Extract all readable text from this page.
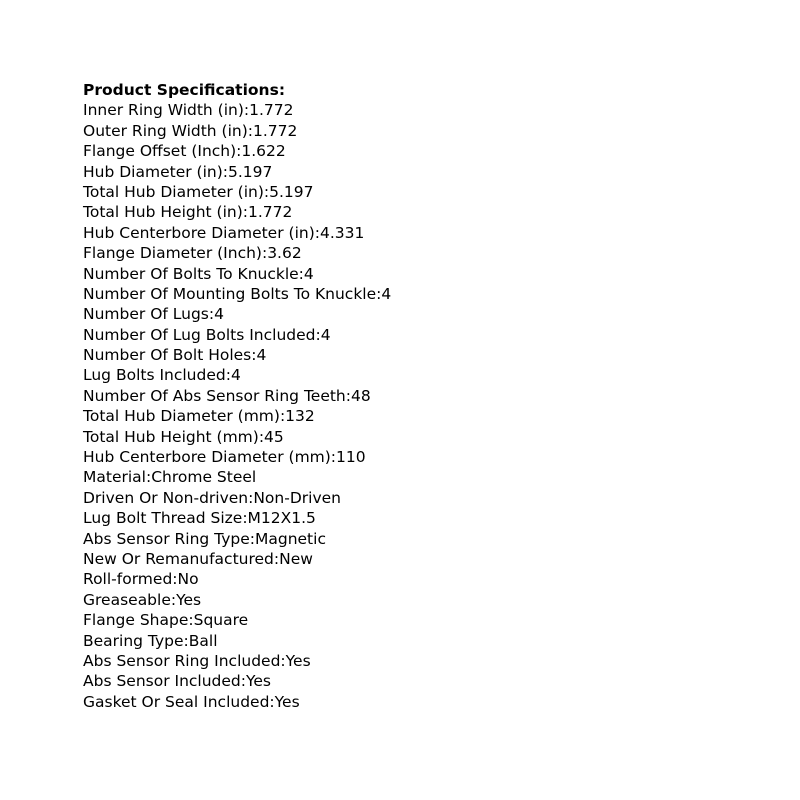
Product Specifications:
Inner Ring Width (in):1.772
Outer Ring Width (in):1.772
Flange Offset (Inch):1.622
Hub Diameter (in):5.197
Total Hub Diameter (in):5.197
Total Hub Height (in):1.772
Hub Centerbore Diameter (in):4.331
Flange Diameter (Inch):3.62
Number Of Bolts To Knuckle:4
Number Of Mounting Bolts To Knuckle:4
Number Of Lugs:4
Number Of Lug Bolts Included:4
Number Of Bolt Holes:4
Lug Bolts Included:4
Number Of Abs Sensor Ring Teeth:48
Total Hub Diameter (mm):132
Total Hub Height (mm):45
Hub Centerbore Diameter (mm):110
Material:Chrome Steel
Driven Or Non-driven:Non-Driven
Lug Bolt Thread Size:M12X1.5
Abs Sensor Ring Type:Magnetic
New Or Remanufactured:New
Roll-formed:No
Greaseable:Yes
Flange Shape:Square
Bearing Type:Ball
Abs Sensor Ring Included:Yes
Abs Sensor Included:Yes
Gasket Or Seal Included:Yes
